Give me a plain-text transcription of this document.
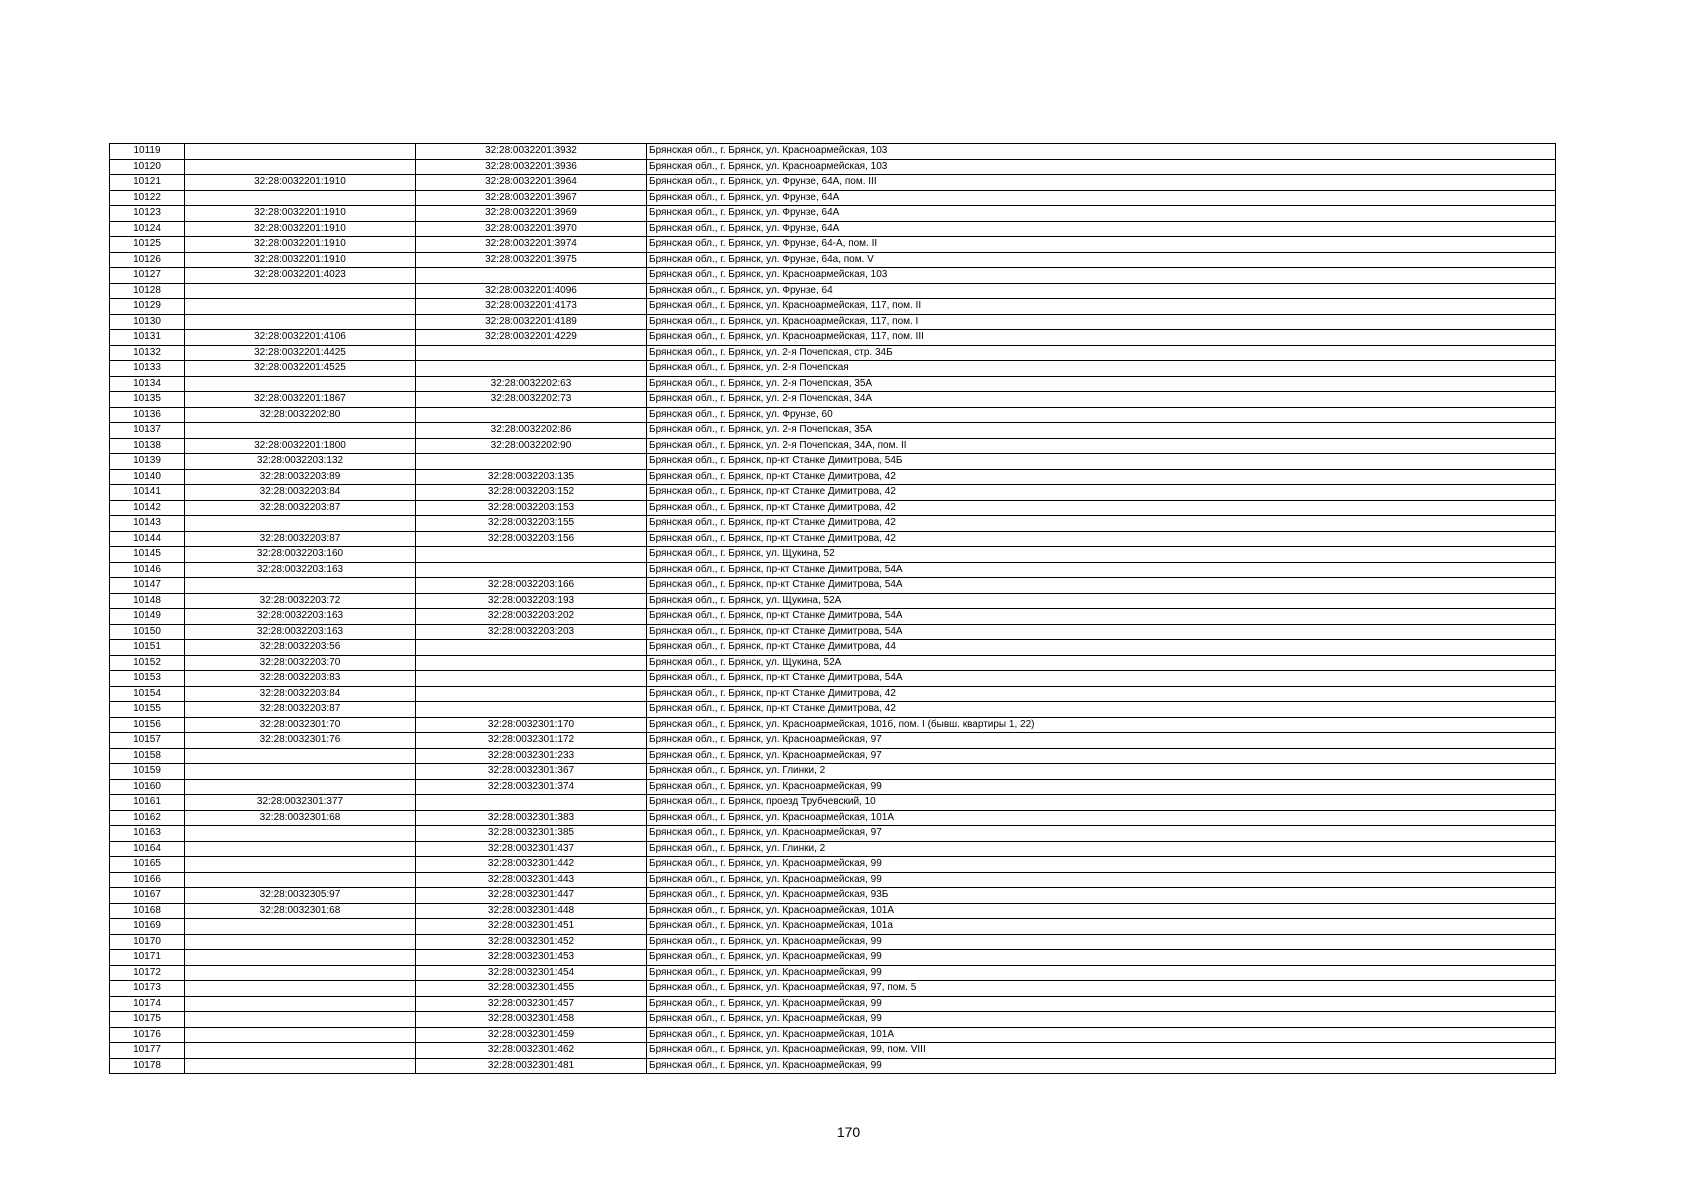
10119		32:28:0032201:3932	Брянская обл., г. Брянск, ул. Красноармейская, 103
10120		32:28:0032201:3936	Брянская обл., г. Брянск, ул. Красноармейская, 103
10121	32:28:0032201:1910	32:28:0032201:3964	Брянская обл., г. Брянск, ул. Фрунзе, 64А, пом. III
10122		32:28:0032201:3967	Брянская обл., г. Брянск, ул. Фрунзе, 64А
10123	32:28:0032201:1910	32:28:0032201:3969	Брянская обл., г. Брянск, ул. Фрунзе, 64А
10124	32:28:0032201:1910	32:28:0032201:3970	Брянская обл., г. Брянск, ул. Фрунзе, 64А
10125	32:28:0032201:1910	32:28:0032201:3974	Брянская обл., г. Брянск, ул. Фрунзе, 64-А, пом. II
10126	32:28:0032201:1910	32:28:0032201:3975	Брянская обл., г. Брянск, ул. Фрунзе, 64а, пом. V
10127	32:28:0032201:4023		Брянская обл., г. Брянск, ул. Красноармейская, 103
10128		32:28:0032201:4096	Брянская обл., г. Брянск, ул. Фрунзе, 64
10129		32:28:0032201:4173	Брянская обл., г. Брянск, ул. Красноармейская, 117, пом. II
10130		32:28:0032201:4189	Брянская обл., г. Брянск, ул. Красноармейская, 117, пом. I
10131	32:28:0032201:4106	32:28:0032201:4229	Брянская обл., г. Брянск, ул. Красноармейская, 117, пом. III
10132	32:28:0032201:4425		Брянская обл., г. Брянск, ул. 2-я Почепская, стр. 34Б
10133	32:28:0032201:4525		Брянская обл., г. Брянск, ул. 2-я Почепская
10134		32:28:0032202:63	Брянская обл., г. Брянск, ул. 2-я Почепская, 35А
10135	32:28:0032201:1867	32:28:0032202:73	Брянская обл., г. Брянск, ул. 2-я Почепская, 34А
10136	32:28:0032202:80		Брянская обл., г. Брянск, ул. Фрунзе, 60
10137		32:28:0032202:86	Брянская обл., г. Брянск, ул. 2-я Почепская, 35А
10138	32:28:0032201:1800	32:28:0032202:90	Брянская обл., г. Брянск, ул. 2-я Почепская, 34А, пом. II
10139	32:28:0032203:132		Брянская обл., г. Брянск, пр-кт Станке Димитрова, 54Б
10140	32:28:0032203:89	32:28:0032203:135	Брянская обл., г. Брянск, пр-кт Станке Димитрова, 42
10141	32:28:0032203:84	32:28:0032203:152	Брянская обл., г. Брянск, пр-кт Станке Димитрова, 42
10142	32:28:0032203:87	32:28:0032203:153	Брянская обл., г. Брянск, пр-кт Станке Димитрова, 42
10143		32:28:0032203:155	Брянская обл., г. Брянск, пр-кт Станке Димитрова, 42
10144	32:28:0032203:87	32:28:0032203:156	Брянская обл., г. Брянск, пр-кт Станке Димитрова, 42
10145	32:28:0032203:160		Брянская обл., г. Брянск, ул. Щукина, 52
10146	32:28:0032203:163		Брянская обл., г. Брянск, пр-кт Станке Димитрова, 54А
10147		32:28:0032203:166	Брянская обл., г. Брянск, пр-кт Станке Димитрова, 54А
10148	32:28:0032203:72	32:28:0032203:193	Брянская обл., г. Брянск, ул. Щукина, 52А
10149	32:28:0032203:163	32:28:0032203:202	Брянская обл., г. Брянск, пр-кт Станке Димитрова, 54А
10150	32:28:0032203:163	32:28:0032203:203	Брянская обл., г. Брянск, пр-кт Станке Димитрова, 54А
10151	32:28:0032203:56		Брянская обл., г. Брянск, пр-кт Станке Димитрова, 44
10152	32:28:0032203:70		Брянская обл., г. Брянск, ул. Щукина, 52А
10153	32:28:0032203:83		Брянская обл., г. Брянск, пр-кт Станке Димитрова, 54А
10154	32:28:0032203:84		Брянская обл., г. Брянск, пр-кт Станке Димитрова, 42
10155	32:28:0032203:87		Брянская обл., г. Брянск, пр-кт Станке Димитрова, 42
10156	32:28:0032301:70	32:28:0032301:170	Брянская обл., г. Брянск, ул. Красноармейская, 101б, пом. I (бывш. квартиры 1, 22)
10157	32:28:0032301:76	32:28:0032301:172	Брянская обл., г. Брянск, ул. Красноармейская, 97
10158		32:28:0032301:233	Брянская обл., г. Брянск, ул. Красноармейская, 97
10159		32:28:0032301:367	Брянская обл., г. Брянск, ул. Глинки, 2
10160		32:28:0032301:374	Брянская обл., г. Брянск, ул. Красноармейская, 99
10161	32:28:0032301:377		Брянская обл., г. Брянск, проезд Трубчевский, 10
10162	32:28:0032301:68	32:28:0032301:383	Брянская обл., г. Брянск, ул. Красноармейская, 101А
10163		32:28:0032301:385	Брянская обл., г. Брянск, ул. Красноармейская, 97
10164		32:28:0032301:437	Брянская обл., г. Брянск, ул. Глинки, 2
10165		32:28:0032301:442	Брянская обл., г. Брянск, ул. Красноармейская, 99
10166		32:28:0032301:443	Брянская обл., г. Брянск, ул. Красноармейская, 99
10167	32:28:0032305:97	32:28:0032301:447	Брянская обл., г. Брянск, ул. Красноармейская, 93Б
10168	32:28:0032301:68	32:28:0032301:448	Брянская обл., г. Брянск, ул. Красноармейская, 101А
10169		32:28:0032301:451	Брянская обл., г. Брянск, ул. Красноармейская, 101а
10170		32:28:0032301:452	Брянская обл., г. Брянск, ул. Красноармейская, 99
10171		32:28:0032301:453	Брянская обл., г. Брянск, ул. Красноармейская, 99
10172		32:28:0032301:454	Брянская обл., г. Брянск, ул. Красноармейская, 99
10173		32:28:0032301:455	Брянская обл., г. Брянск, ул. Красноармейская, 97, пом. 5
10174		32:28:0032301:457	Брянская обл., г. Брянск, ул. Красноармейская, 99
10175		32:28:0032301:458	Брянская обл., г. Брянск, ул. Красноармейская, 99
10176		32:28:0032301:459	Брянская обл., г. Брянск, ул. Красноармейская, 101А
10177		32:28:0032301:462	Брянская обл., г. Брянск, ул. Красноармейская, 99, пом. VIII
10178		32:28:0032301:481	Брянская обл., г. Брянск, ул. Красноармейская, 99
170
